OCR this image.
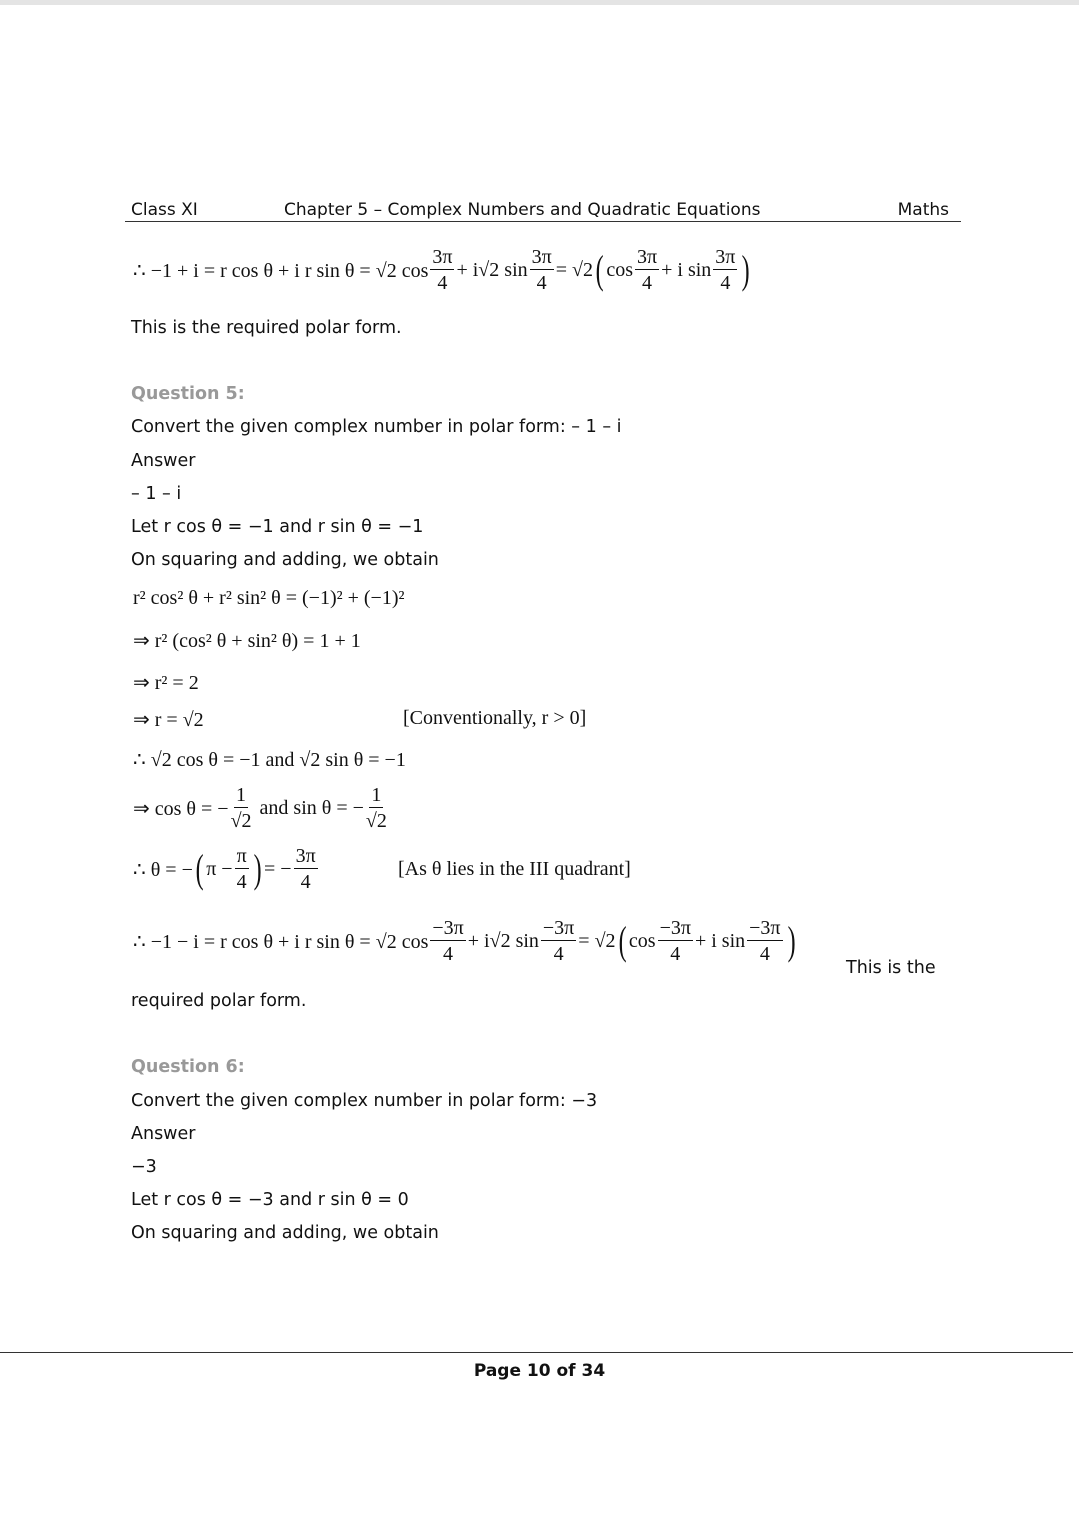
Class XI	Chapter 5 – Complex Numbers and Quadratic Equations	Maths
∴ −1 + i = r cos θ + i r sin θ = √2 $\cos \frac{3\pi}{4} + i√2$ $\sin \frac{3\pi}{4} = √2$ ( $\cos \frac{3\pi}{4} + i$ $\sin \frac{3\pi}{4}$ )
This is the required polar form.
Question 5:
Convert the given complex number in polar form: – 1 – i
Answer
– 1 – i
Let r cos θ = −1 and r sin θ = −1
On squaring and adding, we obtain
r² cos² θ + r² sin² θ = (−1)² + (−1)²
⇒ r² (cos² θ + sin² θ) = 1 + 1
⇒ r² = 2
⇒ r = √2	[Conventionally, r > 0]
∴ √2 cos θ = −1 and √2 sin θ = −1
⇒ cos θ = − $\frac{1}{√2}$ and sin θ = − $\frac{1}{√2}$
∴ θ = − ( $\pi - \frac{\pi}{4}$ ) = − $\frac{3\pi}{4}$	[As θ lies in the III quadrant]
∴ −1 − i = r cos θ + i r sin θ = √2 $\cos \frac{-3\pi}{4} + i√2$ $\sin \frac{-3\pi}{4} = √2$ ( $\cos \frac{-3\pi}{4} + i$ $\sin \frac{-3\pi}{4}$ )
This is the
required polar form.
Question 6:
Convert the given complex number in polar form: −3
Answer
−3
Let r cos θ = −3 and r sin θ = 0
On squaring and adding, we obtain
Page 10 of 34
